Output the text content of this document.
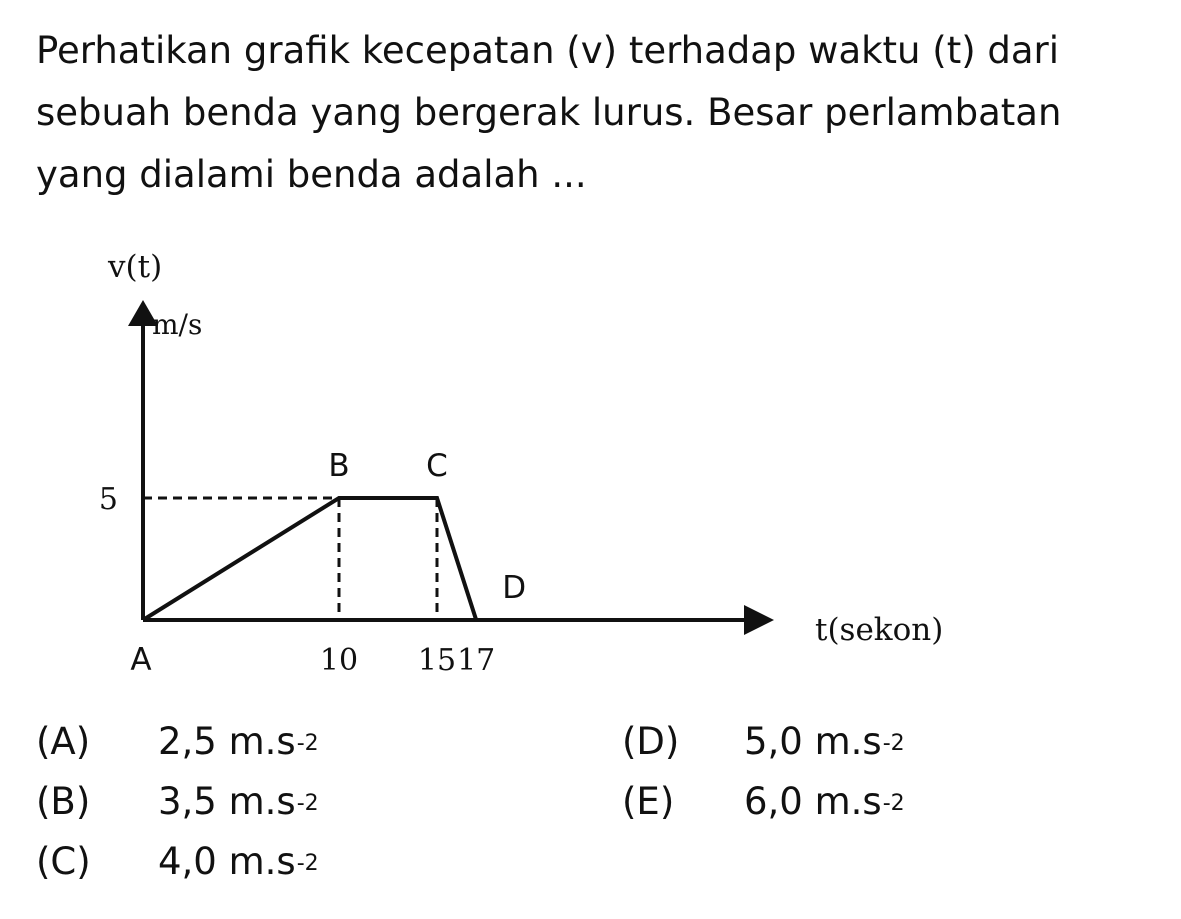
Perhatikan grafik kecepatan (v) terhadap waktu (t) dari sebuah benda yang bergerak lurus. Besar perlambatan yang dialami benda adalah ...

A
B C
D
10 15 17
5
v(t)
m/s
t(sekon)
(A)	2,5 $m.s^{-2}$
(B)	3,5 $m.s^{-2}$
(C)	4,0 $m.s^{-2}$
(D)	5,0 $m.s^{-2}$
(E)	6,0 $m.s^{-2}$
